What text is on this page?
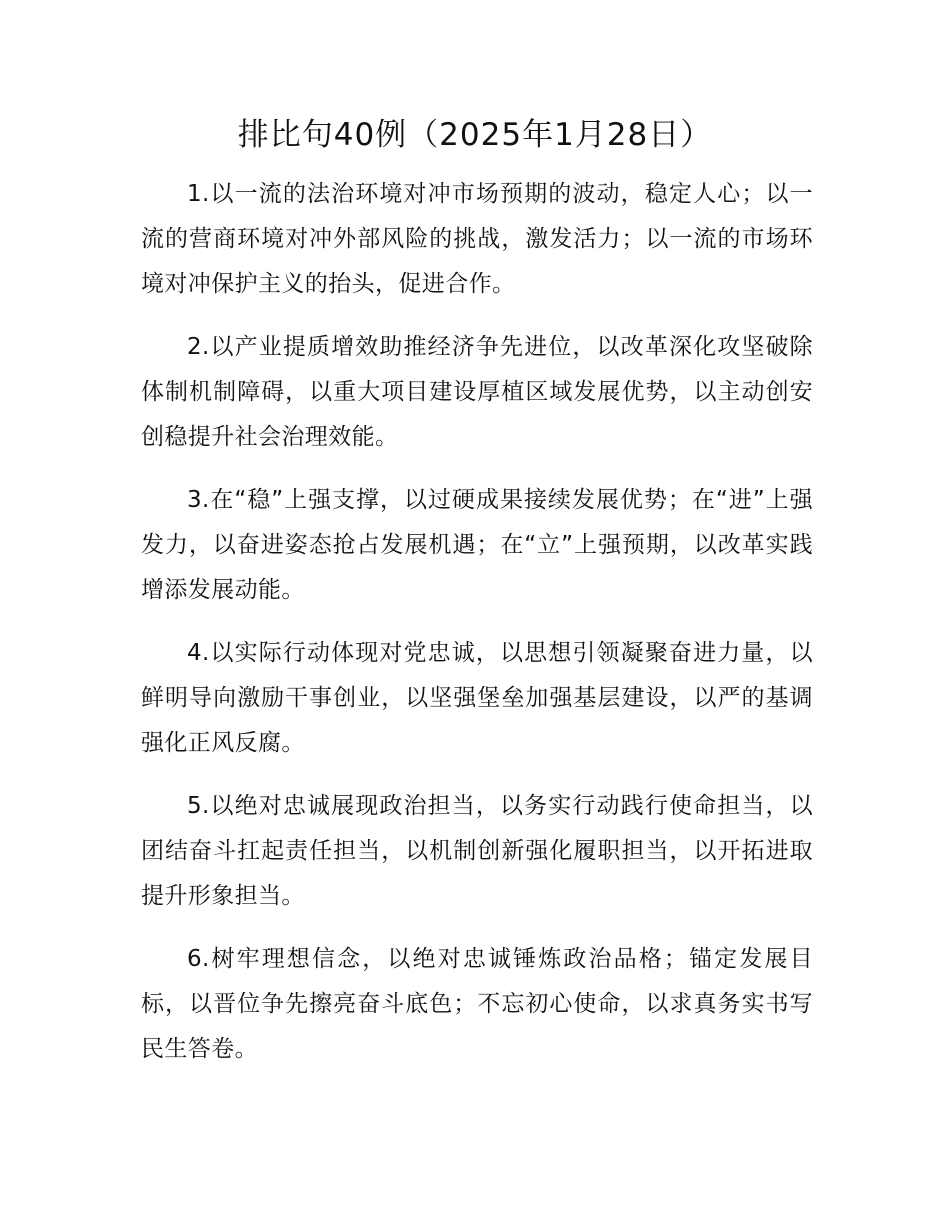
排比句40例（2025年1月28日）

1.以一流的法治环境对冲市场预期的波动，稳定人心；以一流的营商环境对冲外部风险的挑战，激发活力；以一流的市场环境对冲保护主义的抬头，促进合作。

2.以产业提质增效助推经济争先进位，以改革深化攻坚破除体制机制障碍，以重大项目建设厚植区域发展优势，以主动创安创稳提升社会治理效能。

3.在“稳”上强支撑，以过硬成果接续发展优势；在“进”上强发力，以奋进姿态抢占发展机遇；在“立”上强预期，以改革实践增添发展动能。

4.以实际行动体现对党忠诚，以思想引领凝聚奋进力量，以鲜明导向激励干事创业，以坚强堡垒加强基层建设，以严的基调强化正风反腐。

5.以绝对忠诚展现政治担当，以务实行动践行使命担当，以团结奋斗扛起责任担当，以机制创新强化履职担当，以开拓进取提升形象担当。

6.树牢理想信念，以绝对忠诚锤炼政治品格；锚定发展目标，以晋位争先擦亮奋斗底色；不忘初心使命，以求真务实书写民生答卷。
